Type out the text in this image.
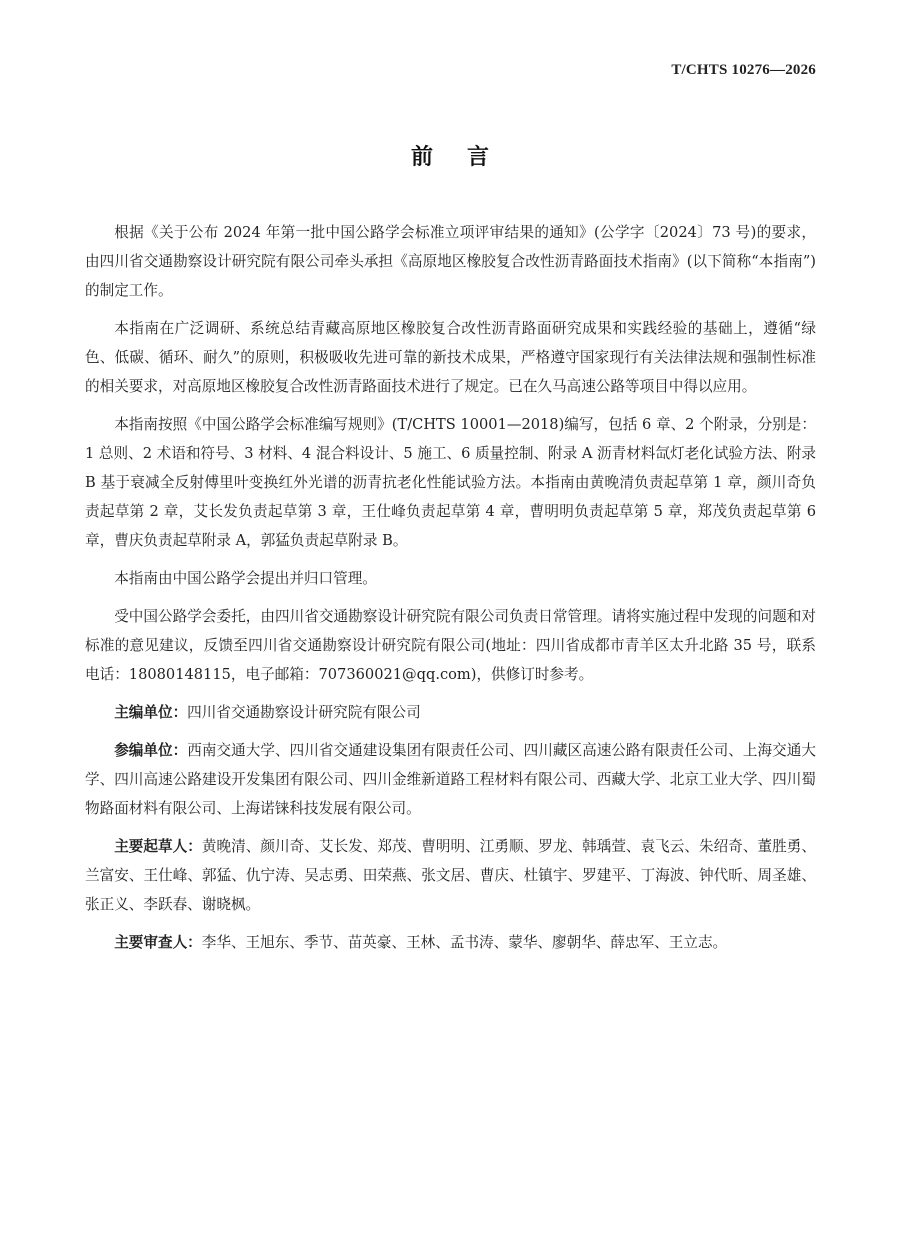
T/CHTS 10276—2026
前言

根据《关于公布 2024 年第一批中国公路学会标准立项评审结果的通知》(公学字〔2024〕73 号)的要求，由四川省交通勘察设计研究院有限公司牵头承担《高原地区橡胶复合改性沥青路面技术指南》(以下简称“本指南”)的制定工作。

本指南在广泛调研、系统总结青藏高原地区橡胶复合改性沥青路面研究成果和实践经验的基础上，遵循“绿色、低碳、循环、耐久”的原则，积极吸收先进可靠的新技术成果，严格遵守国家现行有关法律法规和强制性标准的相关要求，对高原地区橡胶复合改性沥青路面技术进行了规定。已在久马高速公路等项目中得以应用。

本指南按照《中国公路学会标准编写规则》(T/CHTS 10001—2018)编写，包括 6 章、2 个附录，分别是：1 总则、2 术语和符号、3 材料、4 混合料设计、5 施工、6 质量控制、附录 A 沥青材料氙灯老化试验方法、附录 B 基于衰减全反射傅里叶变换红外光谱的沥青抗老化性能试验方法。本指南由黄晚清负责起草第 1 章，颜川奇负责起草第 2 章，艾长发负责起草第 3 章，王仕峰负责起草第 4 章，曹明明负责起草第 5 章，郑茂负责起草第 6 章，曹庆负责起草附录 A，郭猛负责起草附录 B。

本指南由中国公路学会提出并归口管理。

受中国公路学会委托，由四川省交通勘察设计研究院有限公司负责日常管理。请将实施过程中发现的问题和对标准的意见建议，反馈至四川省交通勘察设计研究院有限公司(地址：四川省成都市青羊区太升北路 35 号，联系电话：18080148115，电子邮箱：707360021@qq.com)，供修订时参考。

主编单位：四川省交通勘察设计研究院有限公司

参编单位：西南交通大学、四川省交通建设集团有限责任公司、四川藏区高速公路有限责任公司、上海交通大学、四川高速公路建设开发集团有限公司、四川金维新道路工程材料有限公司、西藏大学、北京工业大学、四川蜀物路面材料有限公司、上海诺铼科技发展有限公司。

主要起草人：黄晚清、颜川奇、艾长发、郑茂、曹明明、江勇顺、罗龙、韩瑀萱、袁飞云、朱绍奇、董胜勇、兰富安、王仕峰、郭猛、仇宁涛、吴志勇、田荣燕、张文居、曹庆、杜镇宇、罗建平、丁海波、钟代昕、周圣雄、张正义、李跃春、谢晓枫。

主要审查人：李华、王旭东、季节、苗英豪、王林、孟书涛、蒙华、廖朝华、薛忠军、王立志。
